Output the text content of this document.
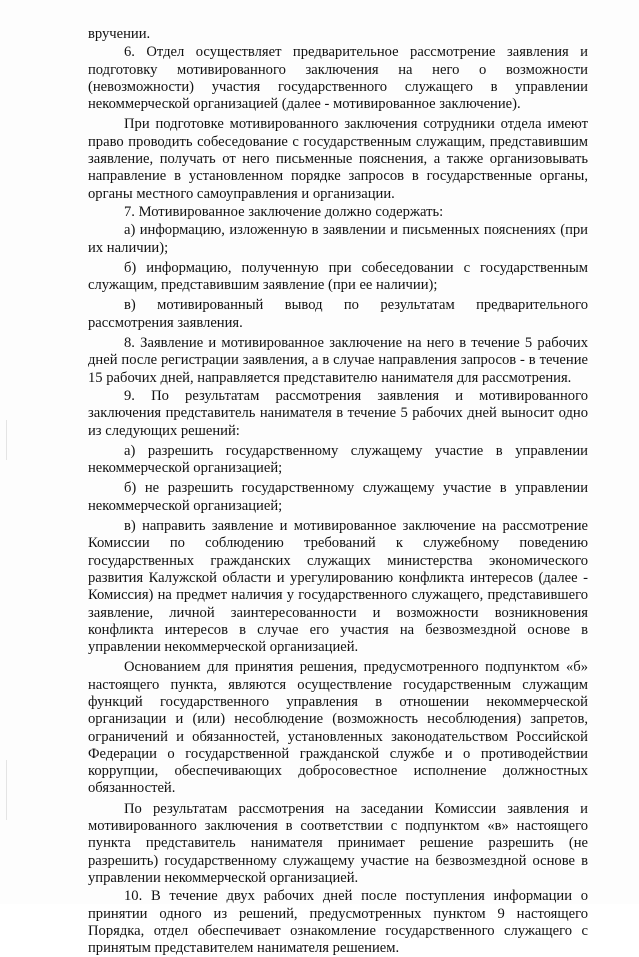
вручении.

6. Отдел осуществляет предварительное рассмотрение заявления и подготовку мотивированного заключения на него о возможности (невозможности) участия государственного служащего в управлении некоммерческой организацией (далее - мотивированное заключение).

При подготовке мотивированного заключения сотрудники отдела имеют право проводить собеседование с государственным служащим, представившим заявление, получать от него письменные пояснения, а также организовывать направление в установленном порядке запросов в государственные органы, органы местного самоуправления и организации.

7. Мотивированное заключение должно содержать:

а) информацию, изложенную в заявлении и письменных пояснениях (при их наличии);

б) информацию, полученную при собеседовании с государственным служащим, представившим заявление (при ее наличии);

в) мотивированный вывод по результатам предварительного рассмотрения заявления.

8. Заявление и мотивированное заключение на него в течение 5 рабочих дней после регистрации заявления, а в случае направления запросов - в течение 15 рабочих дней, направляется представителю нанимателя для рассмотрения.

9. По результатам рассмотрения заявления и мотивированного заключения представитель нанимателя в течение 5 рабочих дней выносит одно из следующих решений:

а) разрешить государственному служащему участие в управлении некоммерческой организацией;

б) не разрешить государственному служащему участие в управлении некоммерческой организацией;

в) направить заявление и мотивированное заключение на рассмотрение Комиссии по соблюдению требований к служебному поведению государственных гражданских служащих министерства экономического развития Калужской области и урегулированию конфликта интересов (далее - Комиссия) на предмет наличия у государственного служащего, представившего заявление, личной заинтересованности и возможности возникновения конфликта интересов в случае его участия на безвозмездной основе в управлении некоммерческой организацией.

Основанием для принятия решения, предусмотренного подпунктом «б» настоящего пункта, являются осуществление государственным служащим функций государственного управления в отношении некоммерческой организации и (или) несоблюдение (возможность несоблюдения) запретов, ограничений и обязанностей, установленных законодательством Российской Федерации о государственной гражданской службе и о противодействии коррупции, обеспечивающих добросовестное исполнение должностных обязанностей.

По результатам рассмотрения на заседании Комиссии заявления и мотивированного заключения в соответствии с подпунктом «в» настоящего пункта представитель нанимателя принимает решение разрешить (не разрешить) государственному служащему участие на безвозмездной основе в управлении некоммерческой организацией.

10. В течение двух рабочих дней после поступления информации о принятии одного из решений, предусмотренных пунктом 9 настоящего Порядка, отдел обеспечивает ознакомление государственного служащего с принятым представителем нанимателя решением.
